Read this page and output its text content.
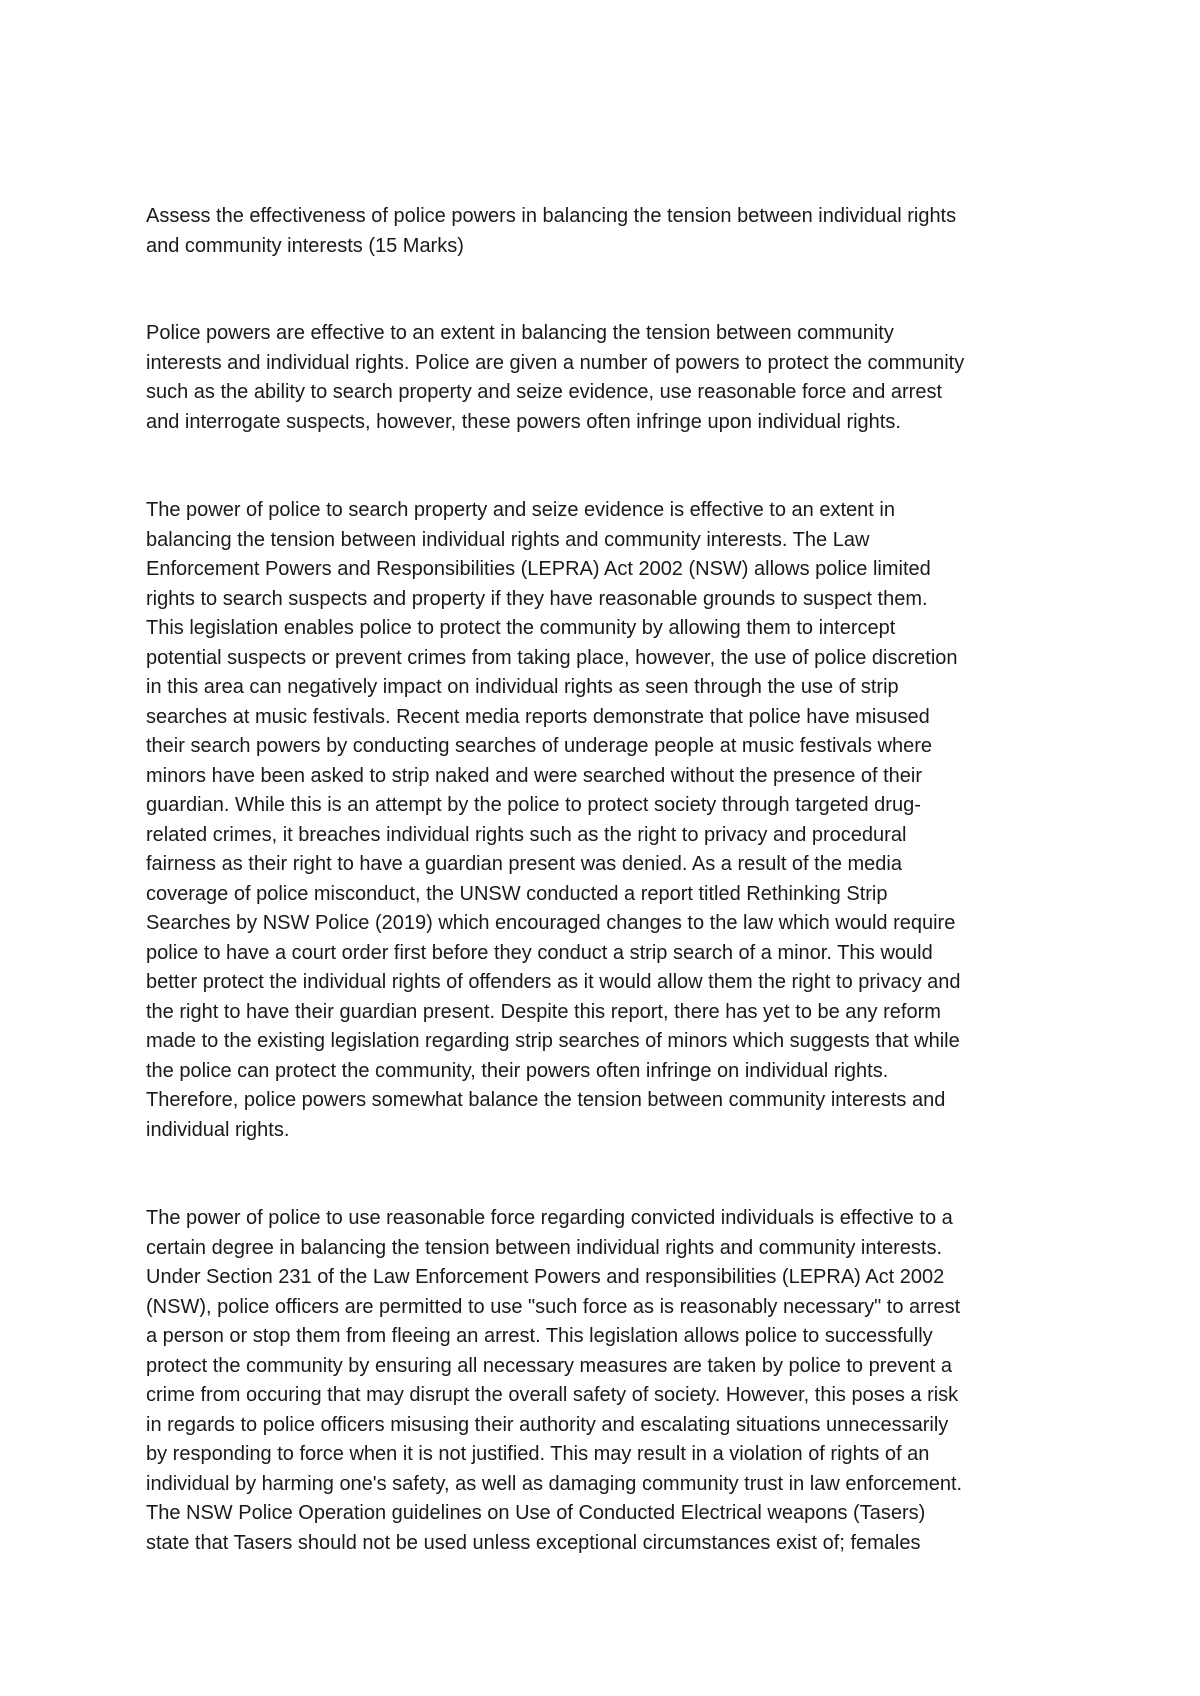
Assess the effectiveness of police powers in balancing the tension between individual rights
and community interests (15 Marks)
Police powers are effective to an extent in balancing the tension between community
interests and individual rights. Police are given a number of powers to protect the community
such as the ability to search property and seize evidence, use reasonable force and arrest
and interrogate suspects, however, these powers often infringe upon individual rights.
The power of police to search property and seize evidence is effective to an extent in
balancing the tension between individual rights and community interests. The Law
Enforcement Powers and Responsibilities (LEPRA) Act 2002 (NSW) allows police limited
rights to search suspects and property if they have reasonable grounds to suspect them.
This legislation enables police to protect the community by allowing them to intercept
potential suspects or prevent crimes from taking place, however, the use of police discretion
in this area can negatively impact on individual rights as seen through the use of strip
searches at music festivals. Recent media reports demonstrate that police have misused
their search powers by conducting searches of underage people at music festivals where
minors have been asked to strip naked and were searched without the presence of their
guardian. While this is an attempt by the police to protect society through targeted drug-
related crimes, it breaches individual rights such as the right to privacy and procedural
fairness as their right to have a guardian present was denied. As a result of the media
coverage of police misconduct, the UNSW conducted a report titled Rethinking Strip
Searches by NSW Police (2019) which encouraged changes to the law which would require
police to have a court order first before they conduct a strip search of a minor. This would
better protect the individual rights of offenders as it would allow them the right to privacy and
the right to have their guardian present. Despite this report, there has yet to be any reform
made to the existing legislation regarding strip searches of minors which suggests that while
the police can protect the community, their powers often infringe on individual rights.
Therefore, police powers somewhat balance the tension between community interests and
individual rights.
The power of police to use reasonable force regarding convicted individuals is effective to a
certain degree in balancing the tension between individual rights and community interests.
Under Section 231 of the Law Enforcement Powers and responsibilities (LEPRA) Act 2002
(NSW), police officers are permitted to use "such force as is reasonably necessary" to arrest
a person or stop them from fleeing an arrest. This legislation allows police to successfully
protect the community by ensuring all necessary measures are taken by police to prevent a
crime from occuring that may disrupt the overall safety of society. However, this poses a risk
in regards to police officers misusing their authority and escalating situations unnecessarily
by responding to force when it is not justified. This may result in a violation of rights of an
individual by harming one's safety, as well as damaging community trust in law enforcement.
The NSW Police Operation guidelines on Use of Conducted Electrical weapons (Tasers)
state that Tasers should not be used unless exceptional circumstances exist of; females
